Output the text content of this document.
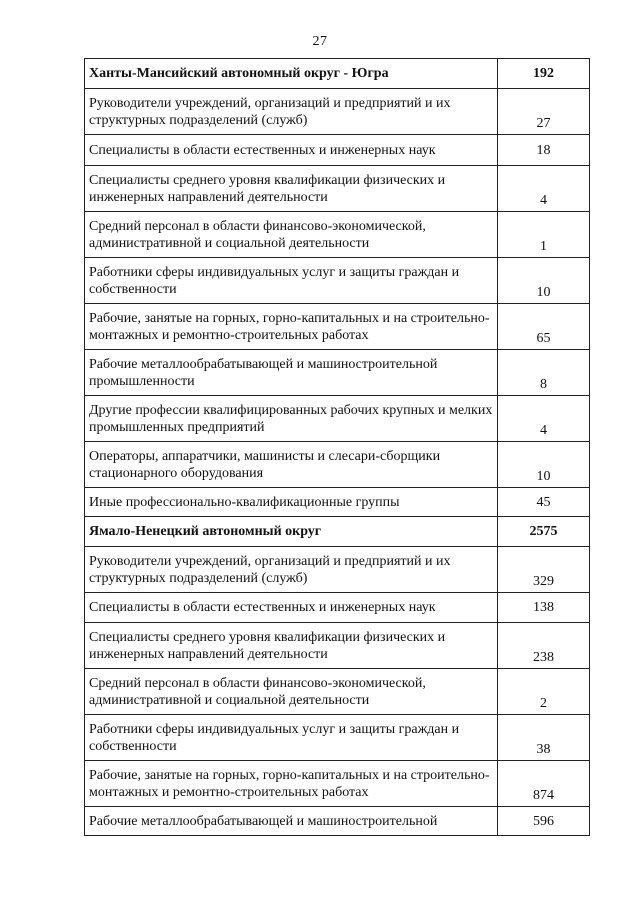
27
Ханты-Мансийский автономный округ - Югра	192
Руководители учреждений, организаций и предприятий и их структурных подразделений (служб)	27
Специалисты в области естественных и инженерных наук	18
Специалисты среднего уровня квалификации физических и инженерных направлений деятельности	4
Средний персонал в области финансово-экономической, административной и социальной деятельности	1
Работники сферы индивидуальных услуг и защиты граждан и собственности	10
Рабочие, занятые на горных, горно-капитальных и на строительно-монтажных и ремонтно-строительных работах	65
Рабочие металлообрабатывающей и машиностроительной промышленности	8
Другие профессии квалифицированных рабочих крупных и мелких промышленных предприятий	4
Операторы, аппаратчики, машинисты и слесари-сборщики стационарного оборудования	10
Иные профессионально-квалификационные группы	45
Ямало-Ненецкий автономный округ	2575
Руководители учреждений, организаций и предприятий и их структурных подразделений (служб)	329
Специалисты в области естественных и инженерных наук	138
Специалисты среднего уровня квалификации физических и инженерных направлений деятельности	238
Средний персонал в области финансово-экономической, административной и социальной деятельности	2
Работники сферы индивидуальных услуг и защиты граждан и собственности	38
Рабочие, занятые на горных, горно-капитальных и на строительно-монтажных и ремонтно-строительных работах	874
Рабочие металлообрабатывающей и машиностроительной	596
